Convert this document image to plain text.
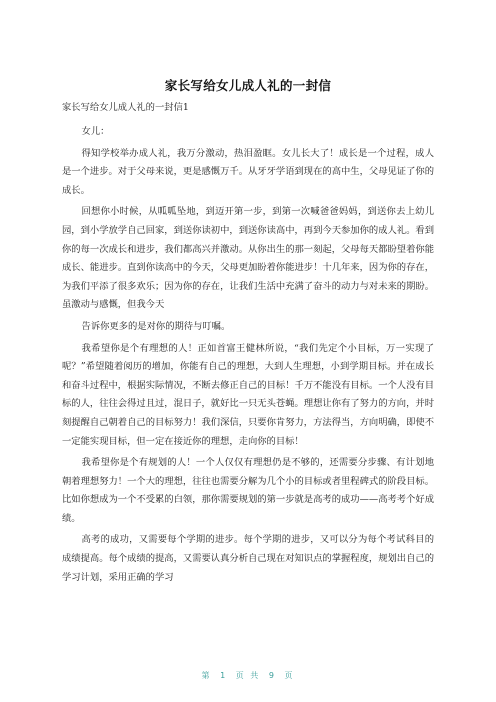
家长写给女儿成人礼的一封信

家长写给女儿成人礼的一封信1

女儿：

得知学校举办成人礼，我万分激动，热泪盈眶。女儿长大了！成长是一个过程，成人是一个进步。对于父母来说，更是感慨万千。从牙牙学语到现在的高中生，父母见证了你的成长。

回想你小时候，从呱呱坠地，到迈开第一步，到第一次喊爸爸妈妈，到送你去上幼儿园，到小学放学自己回家，到送你读初中，到送你读高中，再到今天参加你的成人礼。看到你的每一次成长和进步，我们都高兴并激动。从你出生的那一刻起，父母每天都盼望着你能成长、能进步。直到你读高中的今天，父母更加盼着你能进步！十几年来，因为你的存在，为我们平添了很多欢乐；因为你的存在，让我们生活中充满了奋斗的动力与对未来的期盼。虽激动与感慨，但我今天

告诉你更多的是对你的期待与叮嘱。

我希望你是个有理想的人！正如首富王健林所说，“我们先定个小目标，万一实现了呢？”希望随着阅历的增加，你能有自己的理想，大到人生理想，小到学期目标。并在成长和奋斗过程中，根据实际情况，不断去修正自己的目标！千万不能没有目标。一个人没有目标的人，往往会得过且过，混日子，就好比一只无头苍蝇。理想让你有了努力的方向，并时刻提醒自己朝着自己的目标努力！我们深信，只要你肯努力，方法得当，方向明确，即使不一定能实现目标，但一定在接近你的理想，走向你的目标！

我希望你是个有规划的人！一个人仅仅有理想仍是不够的，还需要分步骤、有计划地朝着理想努力！一个大的理想，往往也需要分解为几个小的目标或者里程碑式的阶段目标。比如你想成为一个不受累的白领，那你需要规划的第一步就是高考的成功——高考考个好成绩。

高考的成功，又需要每个学期的进步。每个学期的进步，又可以分为每个考试科目的成绩提高。每个成绩的提高，又需要认真分析自己现在对知识点的掌握程度，规划出自己的学习计划，采用正确的学习

第 1 页 共 9 页
